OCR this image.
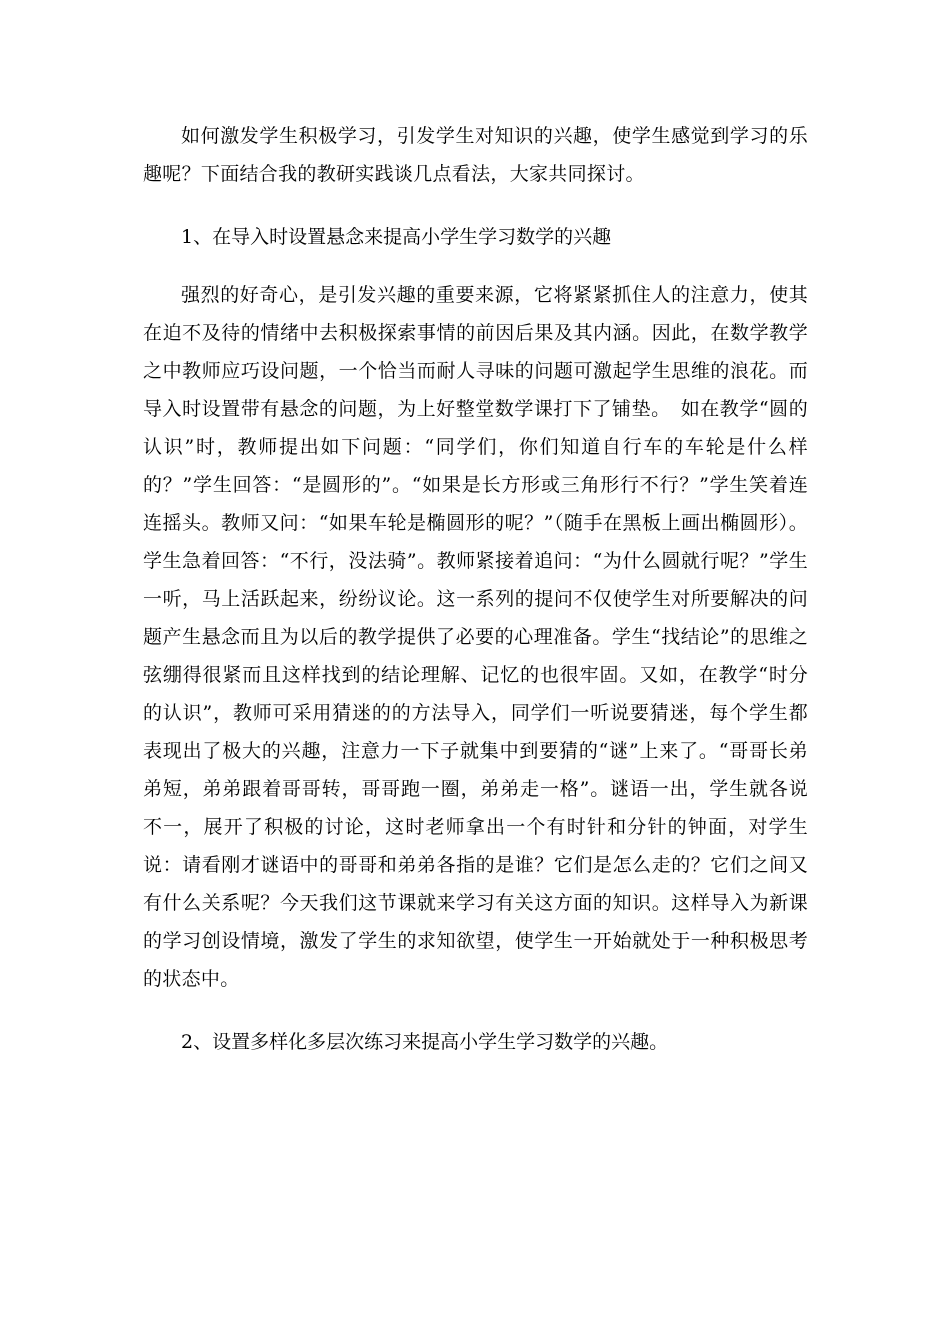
如何激发学生积极学习，引发学生对知识的兴趣，使学生感觉到学习的乐趣呢？下面结合我的教研实践谈几点看法，大家共同探讨。

1、在导入时设置悬念来提高小学生学习数学的兴趣

强烈的好奇心，是引发兴趣的重要来源，它将紧紧抓住人的注意力，使其在迫不及待的情绪中去积极探索事情的前因后果及其内涵。因此，在数学教学之中教师应巧设问题，一个恰当而耐人寻味的问题可激起学生思维的浪花。而导入时设置带有悬念的问题，为上好整堂数学课打下了铺垫。　如在教学“圆的认识”时，教师提出如下问题：“同学们，你们知道自行车的车轮是什么样的？”学生回答：“是圆形的”。“如果是长方形或三角形行不行？”学生笑着连连摇头。教师又问：“如果车轮是椭圆形的呢？”（随手在黑板上画出椭圆形）。学生急着回答：“不行，没法骑”。教师紧接着追问：“为什么圆就行呢？”学生一听，马上活跃起来，纷纷议论。这一系列的提问不仅使学生对所要解决的问题产生悬念而且为以后的教学提供了必要的心理准备。学生“找结论”的思维之弦绷得很紧而且这样找到的结论理解、记忆的也很牢固。又如，在教学“时分的认识”，教师可采用猜迷的的方法导入，同学们一听说要猜迷，每个学生都表现出了极大的兴趣，注意力一下子就集中到要猜的“谜”上来了。“哥哥长弟弟短，弟弟跟着哥哥转，哥哥跑一圈，弟弟走一格”。谜语一出，学生就各说不一，展开了积极的讨论，这时老师拿出一个有时针和分针的钟面，对学生说：请看刚才谜语中的哥哥和弟弟各指的是谁？它们是怎么走的？它们之间又有什么关系呢？今天我们这节课就来学习有关这方面的知识。这样导入为新课的学习创设情境，激发了学生的求知欲望，使学生一开始就处于一种积极思考的状态中。

2、设置多样化多层次练习来提高小学生学习数学的兴趣。
